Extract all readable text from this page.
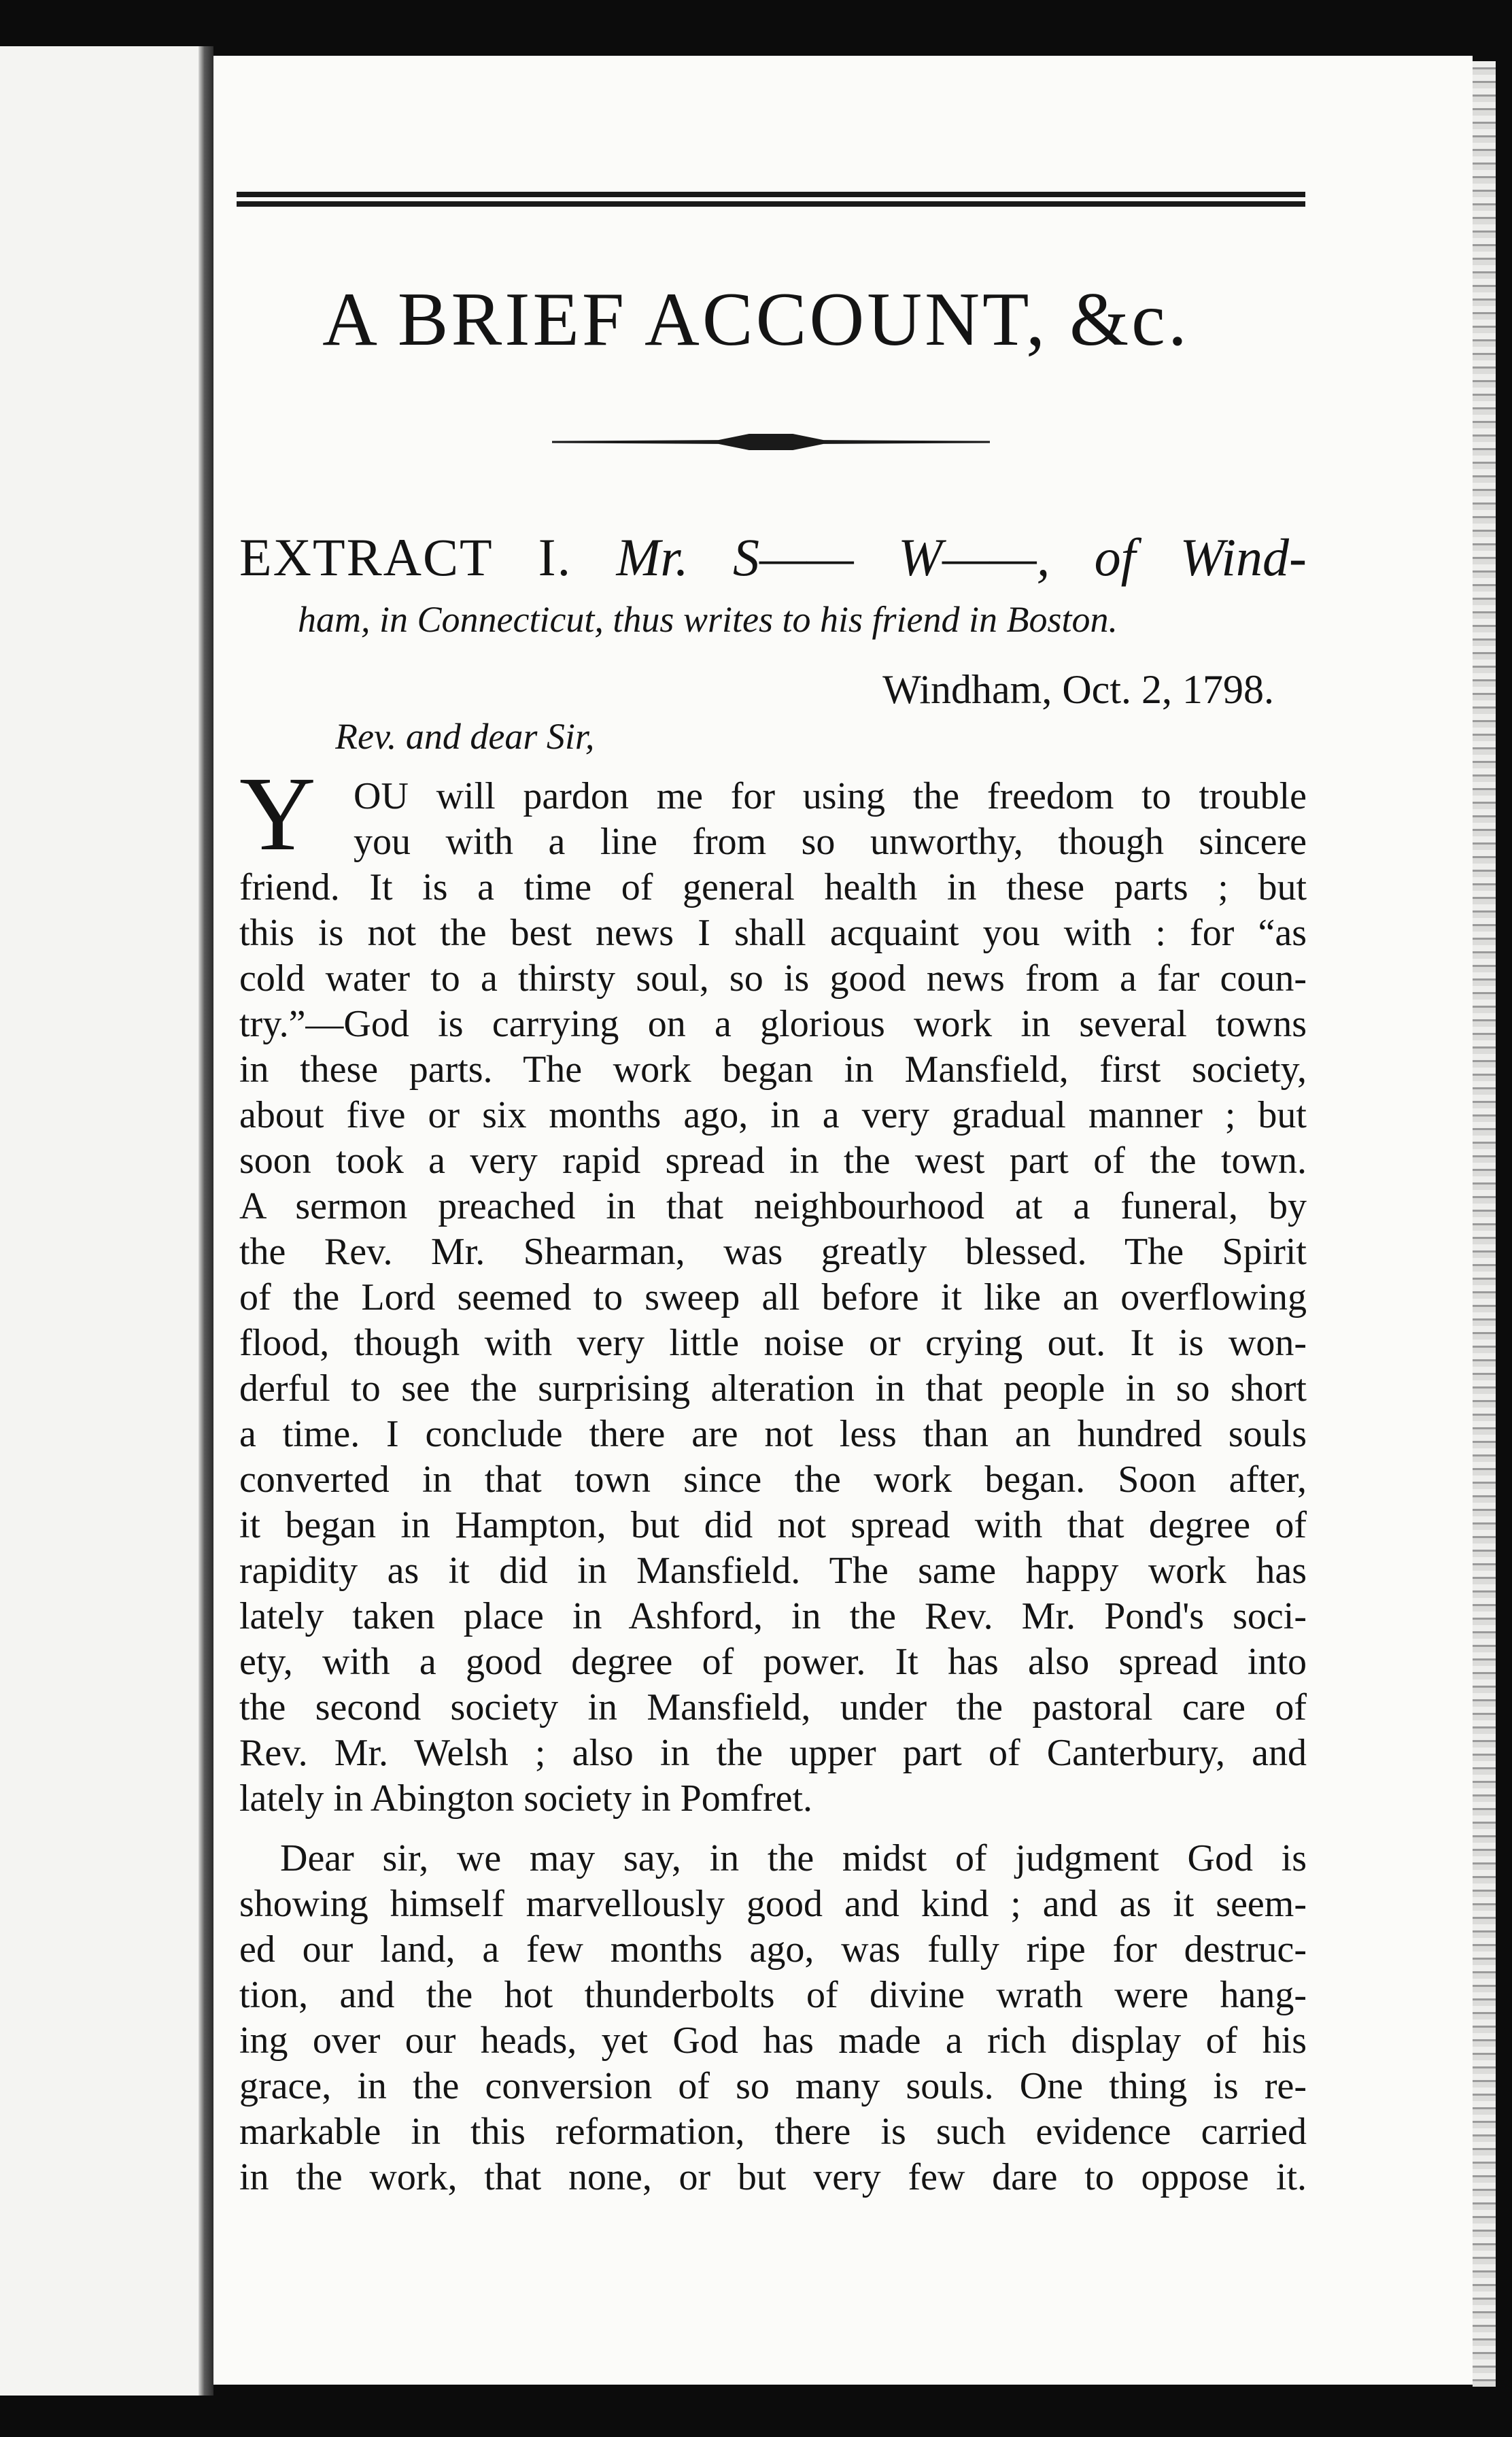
A BRIEF ACCOUNT, &c.

EXTRACT I. Mr. S—— W——, of Wind-

ham, in Connecticut, thus writes to his friend in Boston.

Windham, Oct. 2, 1798.

Rev. and dear Sir,

Y OU will pardon me for using the freedom to trouble

you with a line from so unworthy, though sincere

friend. It is a time of general health in these parts ; but

this is not the best news I shall acquaint you with : for “as

cold water to a thirsty soul, so is good news from a far coun-

try.”—God is carrying on a glorious work in several towns

in these parts. The work began in Mansfield, first society,

about five or six months ago, in a very gradual manner ; but

soon took a very rapid spread in the west part of the town.

A sermon preached in that neighbourhood at a funeral, by

the Rev. Mr. Shearman, was greatly blessed. The Spirit

of the Lord seemed to sweep all before it like an overflowing

flood, though with very little noise or crying out. It is won-

derful to see the surprising alteration in that people in so short

a time. I conclude there are not less than an hundred souls

converted in that town since the work began. Soon after,

it began in Hampton, but did not spread with that degree of

rapidity as it did in Mansfield. The same happy work has

lately taken place in Ashford, in the Rev. Mr. Pond's soci-

ety, with a good degree of power. It has also spread into

the second society in Mansfield, under the pastoral care of

Rev. Mr. Welsh ; also in the upper part of Canterbury, and

lately in Abington society in Pomfret.

Dear sir, we may say, in the midst of judgment God is

showing himself marvellously good and kind ; and as it seem-

ed our land, a few months ago, was fully ripe for destruc-

tion, and the hot thunderbolts of divine wrath were hang-

ing over our heads, yet God has made a rich display of his

grace, in the conversion of so many souls. One thing is re-

markable in this reformation, there is such evidence carried

in the work, that none, or but very few dare to oppose it.
